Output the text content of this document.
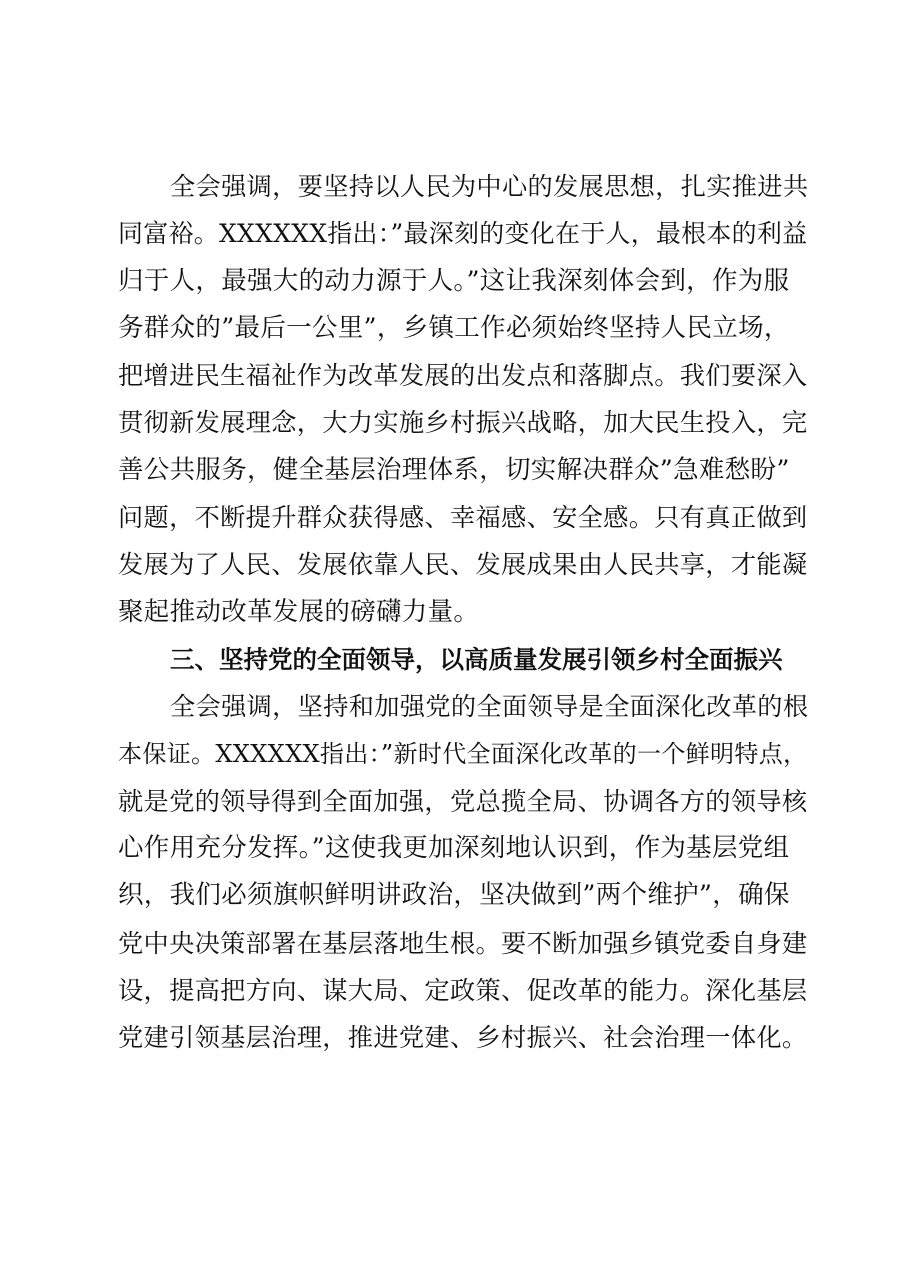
全会强调，要坚持以人民为中心的发展思想，扎实推进共
同富裕。XXXXXX指出：”最深刻的变化在于人，最根本的利益
归于人，最强大的动力源于人。”这让我深刻体会到，作为服
务群众的”最后一公里”，乡镇工作必须始终坚持人民立场，
把增进民生福祉作为改革发展的出发点和落脚点。我们要深入
贯彻新发展理念，大力实施乡村振兴战略，加大民生投入，完
善公共服务，健全基层治理体系，切实解决群众”急难愁盼”
问题，不断提升群众获得感、幸福感、安全感。只有真正做到
发展为了人民、发展依靠人民、发展成果由人民共享，才能凝
聚起推动改革发展的磅礴力量。
三、坚持党的全面领导，以高质量发展引领乡村全面振兴
全会强调，坚持和加强党的全面领导是全面深化改革的根
本保证。XXXXXX指出：”新时代全面深化改革的一个鲜明特点，
就是党的领导得到全面加强，党总揽全局、协调各方的领导核
心作用充分发挥。”这使我更加深刻地认识到，作为基层党组
织，我们必须旗帜鲜明讲政治，坚决做到”两个维护”，确保
党中央决策部署在基层落地生根。要不断加强乡镇党委自身建
设，提高把方向、谋大局、定政策、促改革的能力。深化基层
党建引领基层治理，推进党建、乡村振兴、社会治理一体化。
